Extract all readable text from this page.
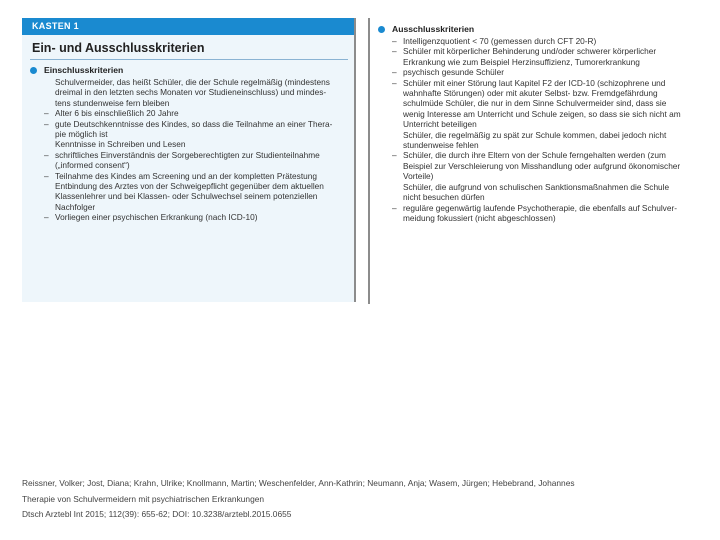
KASTEN 1
Ein- und Ausschlusskriterien
Einschlusskriterien
Schulvermeider, das heißt Schüler, die der Schule regelmäßig (mindestens
dreimal in den letzten sechs Monaten vor Studieneinschluss) und mindes-
tens stundenweise fern bleiben
– Alter 6 bis einschließlich 20 Jahre
– gute Deutschkenntnisse des Kindes, so dass die Teilnahme an einer Thera-
pie möglich ist
Kenntnisse in Schreiben und Lesen
– schriftliches Einverständnis der Sorgeberechtigten zur Studienteilnahme
(„informed consent“)
– Teilnahme des Kindes am Screening und an der kompletten Prätestung
Entbindung des Arztes von der Schweigepflicht gegenüber dem aktuellen
Klassenlehrer und bei Klassen- oder Schulwechsel seinem potenziellen
Nachfolger
– Vorliegen einer psychischen Erkrankung (nach ICD-10)
Ausschlusskriterien
– Intelligenzquotient < 70 (gemessen durch CFT 20-R)
– Schüler mit körperlicher Behinderung und/oder schwerer körperlicher
Erkrankung wie zum Beispiel Herzinsuffizienz, Tumorerkrankung
– psychisch gesunde Schüler
– Schüler mit einer Störung laut Kapitel F2 der ICD-10 (schizophrene und
wahnhafte Störungen) oder mit akuter Selbst- bzw. Fremdgefährdung
schulmüde Schüler, die nur in dem Sinne Schulvermeider sind, dass sie
wenig Interesse am Unterricht und Schule zeigen, so dass sie sich nicht am
Unterricht beteiligen
Schüler, die regelmäßig zu spät zur Schule kommen, dabei jedoch nicht
stundenweise fehlen
– Schüler, die durch ihre Eltern von der Schule ferngehalten werden (zum
Beispiel zur Verschleierung von Misshandlung oder aufgrund ökonomischer
Vorteile)
Schüler, die aufgrund von schulischen Sanktionsmaßnahmen die Schule
nicht besuchen dürfen
– reguläre gegenwärtig laufende Psychotherapie, die ebenfalls auf Schulver-
meidung fokussiert (nicht abgeschlossen)
Reissner, Volker; Jost, Diana; Krahn, Ulrike; Knollmann, Martin; Weschenfelder, Ann-Kathrin; Neumann, Anja; Wasem, Jürgen; Hebebrand, Johannes
Therapie von Schulvermeidern mit psychiatrischen Erkrankungen
Dtsch Arztebl Int 2015; 112(39): 655-62; DOI: 10.3238/arztebl.2015.0655
